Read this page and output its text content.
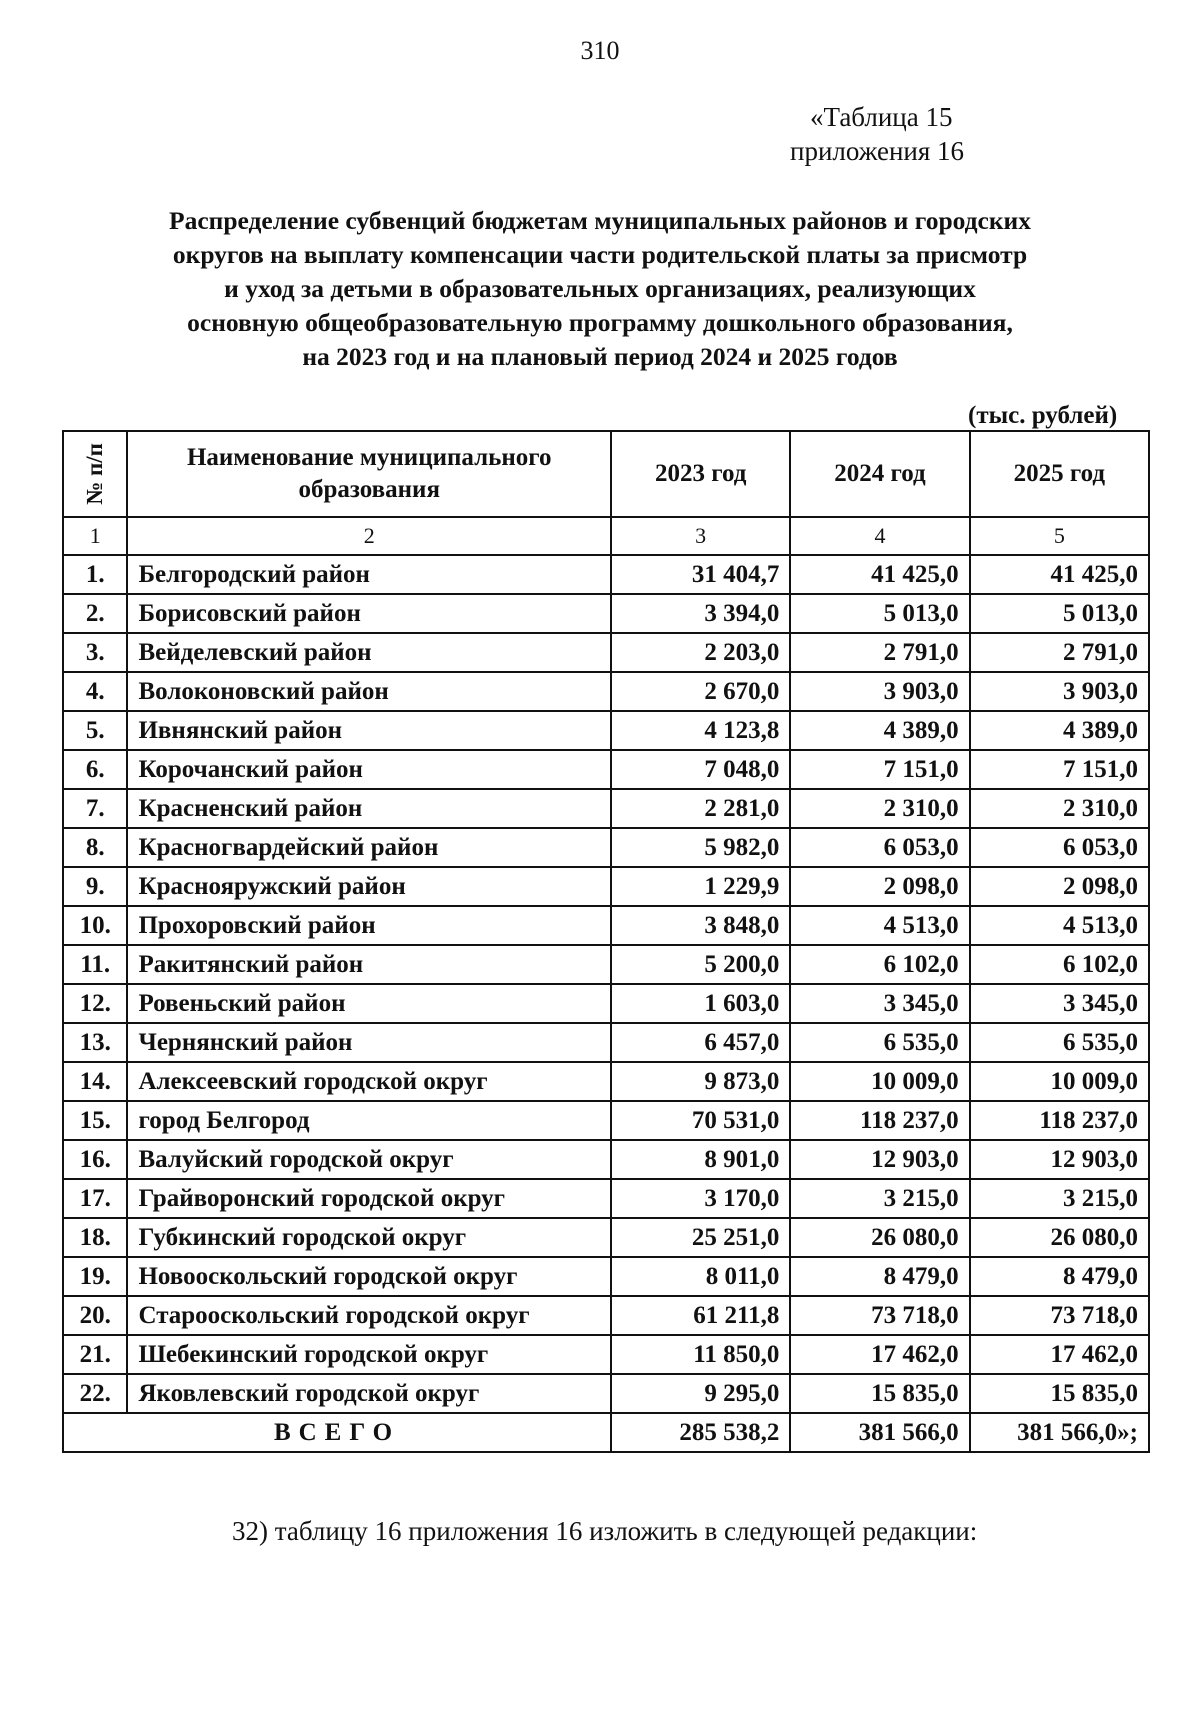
310
«Таблица 15
приложения 16
Распределение субвенций бюджетам муниципальных районов и городских
округов на выплату компенсации части родительской платы за присмотр
и уход за детьми в образовательных организациях, реализующих
основную общеобразовательную программу дошкольного образования,
на 2023 год и на плановый период 2024 и 2025 годов
(тыс. рублей)
№ п/п	Наименование муниципального образования	2023 год	2024 год	2025 год
1	2	3	4	5
1.	Белгородский район	31 404,7	41 425,0	41 425,0
2.	Борисовский район	3 394,0	5 013,0	5 013,0
3.	Вейделевский район	2 203,0	2 791,0	2 791,0
4.	Волоконовский район	2 670,0	3 903,0	3 903,0
5.	Ивнянский район	4 123,8	4 389,0	4 389,0
6.	Корочанский район	7 048,0	7 151,0	7 151,0
7.	Красненский район	2 281,0	2 310,0	2 310,0
8.	Красногвардейский район	5 982,0	6 053,0	6 053,0
9.	Краснояружский район	1 229,9	2 098,0	2 098,0
10.	Прохоровский район	3 848,0	4 513,0	4 513,0
11.	Ракитянский район	5 200,0	6 102,0	6 102,0
12.	Ровеньский район	1 603,0	3 345,0	3 345,0
13.	Чернянский район	6 457,0	6 535,0	6 535,0
14.	Алексеевский городской округ	9 873,0	10 009,0	10 009,0
15.	город Белгород	70 531,0	118 237,0	118 237,0
16.	Валуйский городской округ	8 901,0	12 903,0	12 903,0
17.	Грайворонский городской округ	3 170,0	3 215,0	3 215,0
18.	Губкинский городской округ	25 251,0	26 080,0	26 080,0
19.	Новооскольский городской округ	8 011,0	8 479,0	8 479,0
20.	Старооскольский городской округ	61 211,8	73 718,0	73 718,0
21.	Шебекинский городской округ	11 850,0	17 462,0	17 462,0
22.	Яковлевский городской округ	9 295,0	15 835,0	15 835,0
ВСЕГО		285 538,2	381 566,0	381 566,0»;
32) таблицу 16 приложения 16 изложить в следующей редакции:
